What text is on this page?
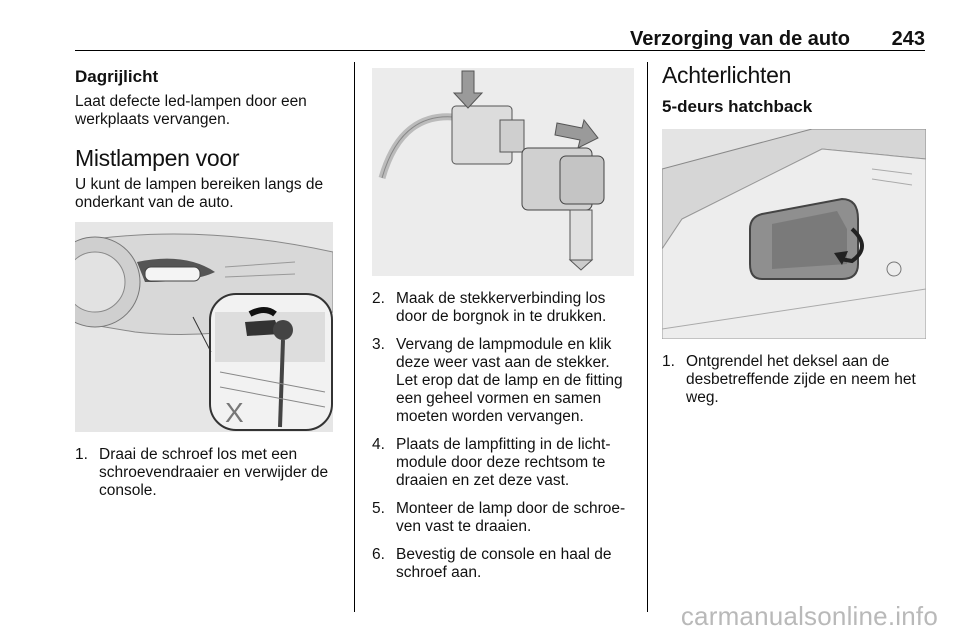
Verzorging van de auto 243
Dagrijlicht

Laat defecte led-lampen door een werkplaats vervangen.

Mistlampen voor

U kunt de lampen bereiken langs de onderkant van de auto.

X
1. Draai de schroef los met een schroevendraaier en verwijder de console.
2. Maak de stekkerverbinding los door de borgnok in te drukken.
3. Vervang de lampmodule en klik deze weer vast aan de stekker. Let erop dat de lamp en de fitting een geheel vormen en samen moeten worden vervangen.
4. Plaats de lampfitting in de lichtmodule door deze rechtsom te draaien en zet deze vast.
5. Monteer de lamp door de schroeven vast te draaien.
6. Bevestig de console en haal de schroef aan.
Achterlichten
5-deurs hatchback
1. Ontgrendel het deksel aan de desbetreffende zijde en neem het weg.
carmanualsonline.info
